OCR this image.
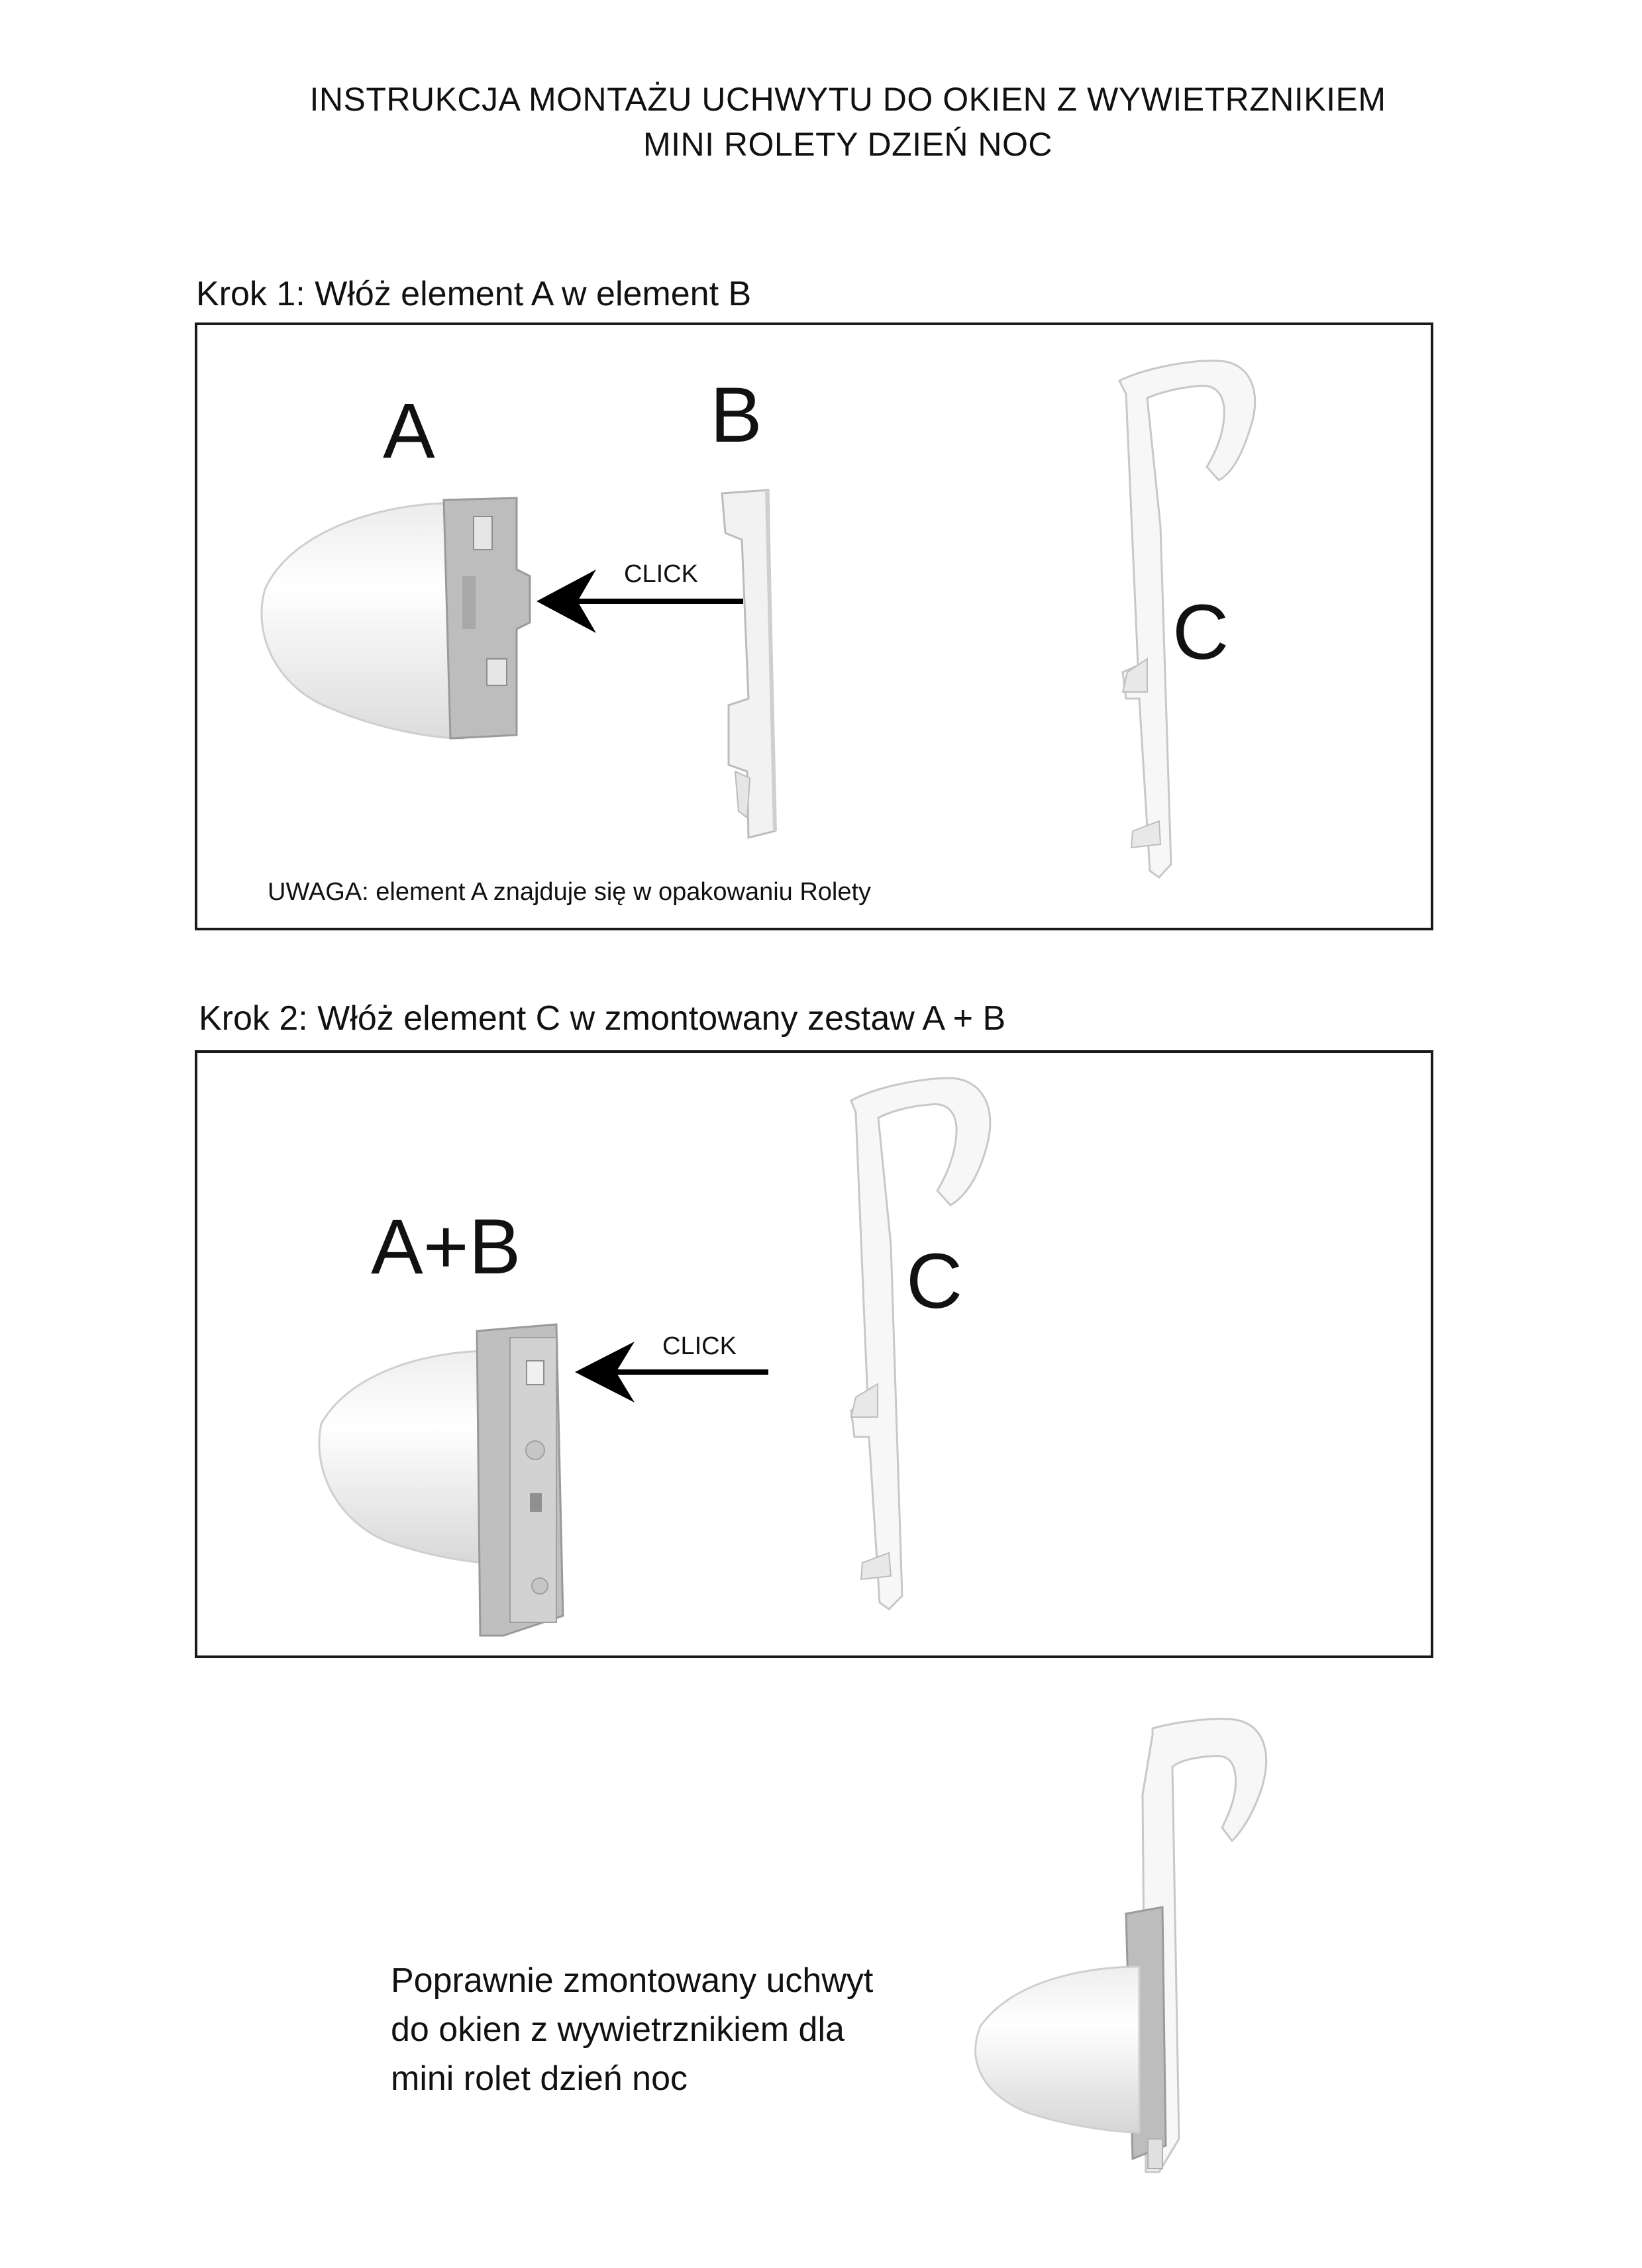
INSTRUKCJA MONTAŻU UCHWYTU DO OKIEN Z WYWIETRZNIKIEM
MINI ROLETY DZIEŃ NOC
Krok 1: Włóż element A w element B
A	B
C
CLICK
UWAGA: element A znajduje się w opakowaniu Rolety
Krok 2: Włóż element C w zmontowany zestaw A + B
A+B	C
CLICK
Poprawnie zmontowany uchwyt
do okien z wywietrznikiem dla
mini rolet dzień noc
